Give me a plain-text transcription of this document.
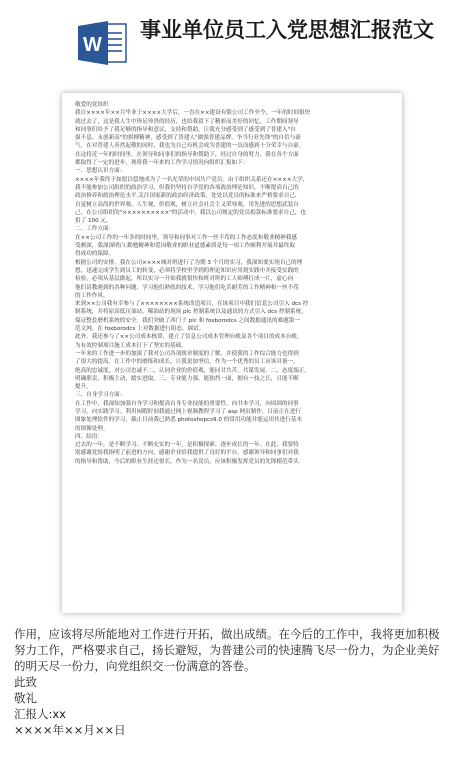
W
事业单位员工入党思想汇报范文

敬爱的党组织

我自××××年××月毕业于××××大学后，一直在××建设有限公司工作至今，一年的时间很快

就过去了，这是我人生中珍足珍贵的经历，也给我留下了精彩而美好的回忆。工作期间领导

和同事们给予了我足够的指导和意议，支持和帮助，让我充分感受到了感受到了普建入"自

强不息、永创新高"的拼搏精神，感受到了普建人"做强普建品牌，争当行业先锋"的自信与豪

气。在对普建人善然起敬的同时，我也为自己有机会成为普建的一员而感到十分荣幸与自豪。

在这将近一年的时间里，在领导和同事们的指导和帮助下，经过自身的努力，我在各个方面

都取得了一定的进步，现将我一年来的工作学习情况向组织汇报如下：

一、思想认识方面：

××××年我终于如愿以偿地成为了一名光荣的中国共产党员。由于组织关系还在××××大学，

我不能参加公司组织的政治学习，但我仍坚持自学党的各项政治理论知识，不断提高自己的

政治修养和政治理论水平.关注国家新的政治经济政策，处处以党员的标准来严格要求自己，

自觉树立高尚的世界观、人生观、价值观，树立社会社会主义荣辱观，用先进的思想武装自

己。在公司组织的"××××××××××"的活动中，我以公司规定的党员捐款标准要求自己，也

捐了 100 元。

二、工作方面：

在××公司工作的一年多的时间里，领导和同事对工作一丝不苟的工作态度和敬业精神我感

受颇深，我深深明白.勤勉精神和爱岗敬业的职业道德素质是每一项工作顺利开展并最终取

得成功的保障。

根据公司的安排，我在公司××××城对班进行了为期 3 个月的实习，我深知要实现自己的理

想，迅速完成学生到员工的转变，必须将学校里学到的理论知识应用到实践中并接受实践的

检验，必须从基层做起。所以实习一开始我就很快和班对班的工人师傅打成一片，虚心向

他们请教遇到的各种问题，学习他们熟练的技术，学习他们吃苦耐劳的工作精神和一丝不苟

的工作作风。

来到××公司我有幸参与了××××××××系统改造项目，在该项目中我们信息公司引入 dcs 控

制系统，并将原高低压油站，稀油站的现场 plc 控制系统以及通讯的方式引入 dcs 控制系统，

保证整套磨机系统的安全。我们突破了西门子 plc 和 foxborodcs 之间数据通讯的难题第一

范文网。在 foxborodcs 上对数据进行组态、调试。

此外，我还参与了××公司成本核算，建立了信息公司成本管理台帐及各个项目的成本台帐，

为有效控制项目施工成本打下了坚实的基础。

一年来的工作进一步的加深了我对公司各项规章制度的了解，并使我的工作综合能力也得到

了很大的提高，在工作中的磨练和成长，让我更加坚信，作为一个优秀的员工应该具备一，

绝高的忠诚度，对公司忠诚不二，认同企业的价值观，能同甘共苦，共谋发展。二、态度端正，

明确职责，积极主动，踏实进取。三、专业能力强，能独挡一面，拥有一技之长，且能不断

提升。

三、自身学习方面：

在工作中，我深知加强自身学习和提高自身专业技能的重要性。向书本学习，向周围的同事

学习，向实践学习。利用闲暇时间我通过网上视频教程学习了 asp 网页制作，目前正在进行

图象处理软件的学习，截止目前我已熟悉 photoshopcs9.0 的常用功能并能运用其进行基本

的图像处理。

四、结语：

过去的一年，是不断学习、不断充实的一年，是积极探索、逐步成长的一年。在此，我要特

别感谢党组我指明了前进的方向，感谢企业给我提供了良好的平台，感谢领导和同事们对我

的指导和帮助，今后的职业生涯还很长，作为一名党员，应该积极发挥党员的先锋模范带头

作用，应该将尽所能地对工作进行开拓，做出成绩。在今后的工作中，我将更加积极努力工作，严格要求自己，扬长避短，为普建公司的快速腾飞尽一份力，为企业美好的明天尽一份力，向党组织交一份满意的答卷。

此致

敬礼

汇报人:xx

××××年××月××日
